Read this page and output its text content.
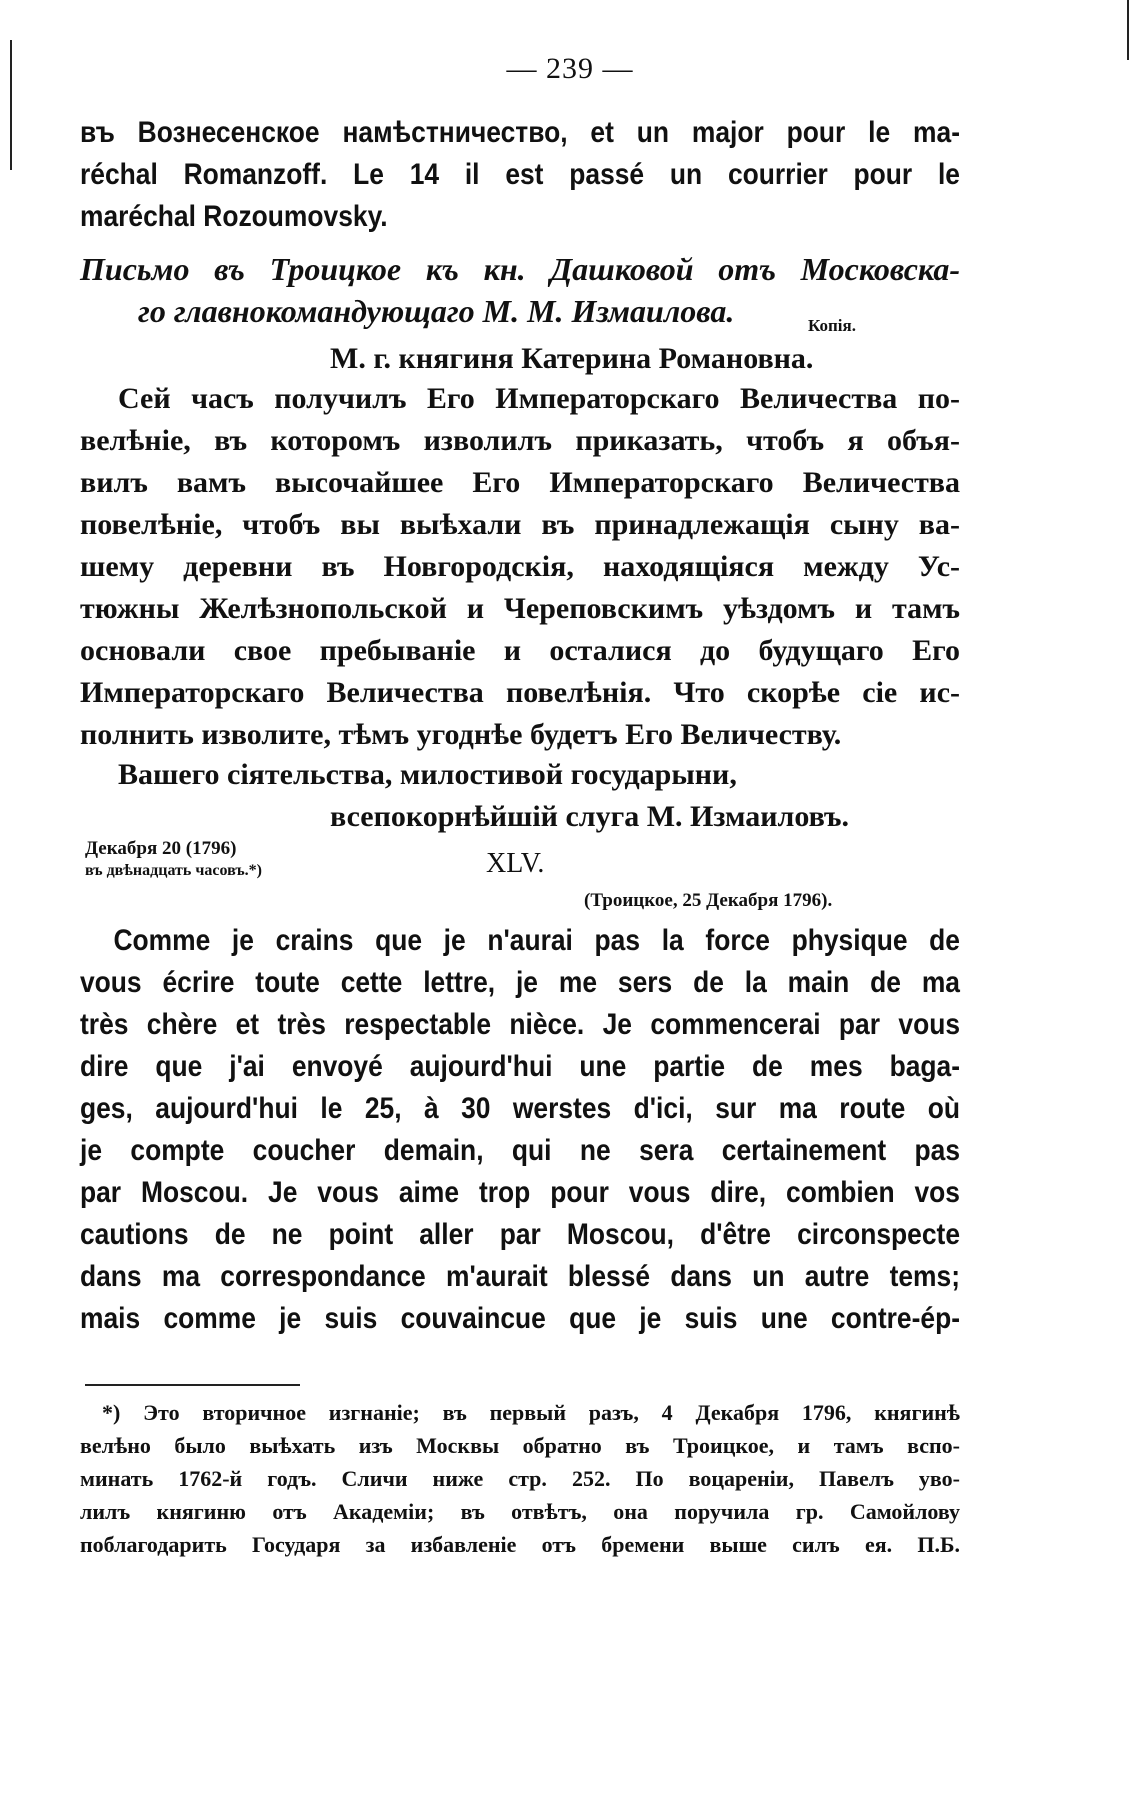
— 239 —
въ Вознесенское намѣстничество, et un major pour le ma-
réchal Romanzoff. Le 14 il est passé un courrier pour le
maréchal Rozoumovsky.
Письмо въ Троицкое къ кн. Дашковой отъ Московска-
го главнокомандующаго М. М. Измаилова.	Копія.
М. г. княгиня Катерина Романовна.
Сей часъ получилъ Его Императорскаго Величества по-
велѣніе, въ которомъ изволилъ приказать, чтобъ я объя-
вилъ вамъ высочайшее Его Императорскаго Величества
повелѣніе, чтобъ вы выѣхали въ принадлежащія сыну ва-
шему деревни въ Новгородскія, находящіяся между Ус-
тюжны Желѣзнопольской и Череповскимъ уѣздомъ и тамъ
основали свое пребываніе и осталися до будущаго Его
Императорскаго Величества повелѣнія. Что скорѣе сіе ис-
полнить изволите, тѣмъ угоднѣе будетъ Его Величеству.
Вашего сіятельства, милостивой государыни,
всепокорнѣйшій слуга М. Измаиловъ.
Декабря 20 (1796)
въ двѣнадцать часовъ.*)	XLV.
(Троицкое, 25 Декабря 1796).
Comme je crains que je n'aurai pas la force physique de
vous écrire toute cette lettre, je me sers de la main de ma
très chère et très respectable nièce. Je commencerai par vous
dire que j'ai envoyé aujourd'hui une partie de mes baga-
ges, aujourd'hui le 25, à 30 werstes d'ici, sur ma route où
je compte coucher demain, qui ne sera certainement pas
par Moscou. Je vous aime trop pour vous dire, combien vos
cautions de ne point aller par Moscou, d'être circonspecte
dans ma correspondance m'aurait blessé dans un autre tems;
mais comme je suis couvaincue que je suis une contre-ép-
*) Это вторичное изгнаніе; въ первый разъ, 4 Декабря 1796, княгинѣ
велѣно было выѣхать изъ Москвы обратно въ Троицкое, и тамъ вспо-
минать 1762-й годъ. Сличи ниже стр. 252. По воцареніи, Павелъ уво-
лилъ княгиню отъ Академіи; въ отвѣтъ, она поручила гр. Самойлову
поблагодарить Государя за избавленіе отъ бремени выше силъ ея. П.Б.
